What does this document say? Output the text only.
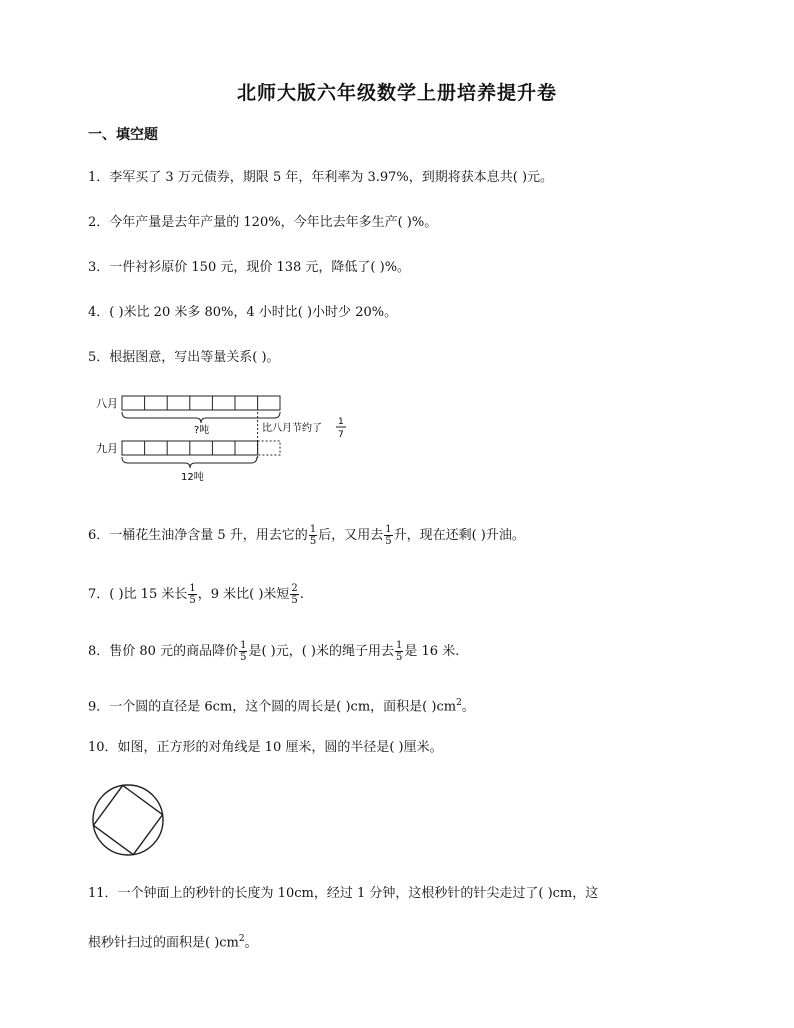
北师大版六年级数学上册培养提升卷
一、填空题
1．李军买了 3 万元债券，期限 5 年，年利率为 3.97%，到期将获本息共( )元。
2．今年产量是去年产量的 120%，今年比去年多生产( )%。
3．一件衬衫原价 150 元，现价 138 元，降低了( )%。
4．( )米比 20 米多 80%，4 小时比( )小时少 20%。
5．根据图意，写出等量关系( )。
八月
?吨	比八月节约了
1
7
九月
12吨
6．一桶花生油净含量 5 升，用去它的 $\frac{1}{5}$ 后，又用去 $\frac{1}{5}$ 升，现在还剩( )升油。
7．( )比 15 米长 $\frac{1}{5}$ ，9 米比( )米短 $\frac{2}{5}$ .
8．售价 80 元的商品降价 $\frac{1}{5}$ 是( )元，( )米的绳子用去 $\frac{1}{5}$ 是 16 米.
9．一个圆的直径是 6cm，这个圆的周长是( )cm，面积是( )$cm^2$。
10．如图，正方形的对角线是 10 厘米，圆的半径是( )厘米。
11．一个钟面上的秒针的长度为 10cm，经过 1 分钟，这根秒针的针尖走过了( )cm，这
根秒针扫过的面积是( )$cm^2$。
